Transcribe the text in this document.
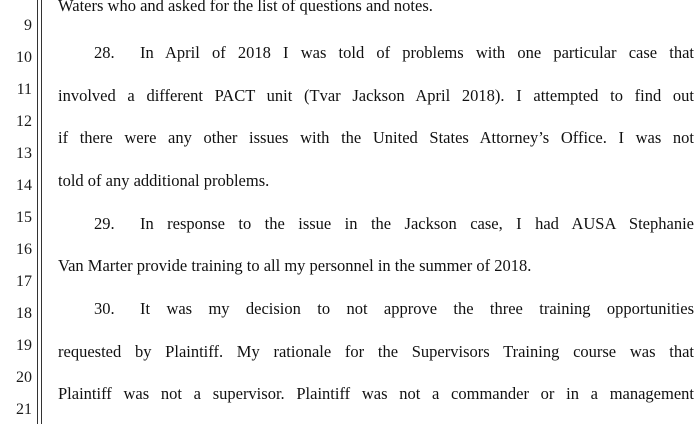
9
10
11
12
13
14
15
16
17
18
19
20
21
Waters who and asked for the list of questions and notes.
28. In April of 2018 I was told of problems with one particular case that
involved a different PACT unit (Tvar Jackson April 2018). I attempted to find out
if there were any other issues with the United States Attorney’s Office. I was not
told of any additional problems.
29. In response to the issue in the Jackson case, I had AUSA Stephanie
Van Marter provide training to all my personnel in the summer of 2018.
30. It was my decision to not approve the three training opportunities
requested by Plaintiff. My rationale for the Supervisors Training course was that
Plaintiff was not a supervisor. Plaintiff was not a commander or in a management
